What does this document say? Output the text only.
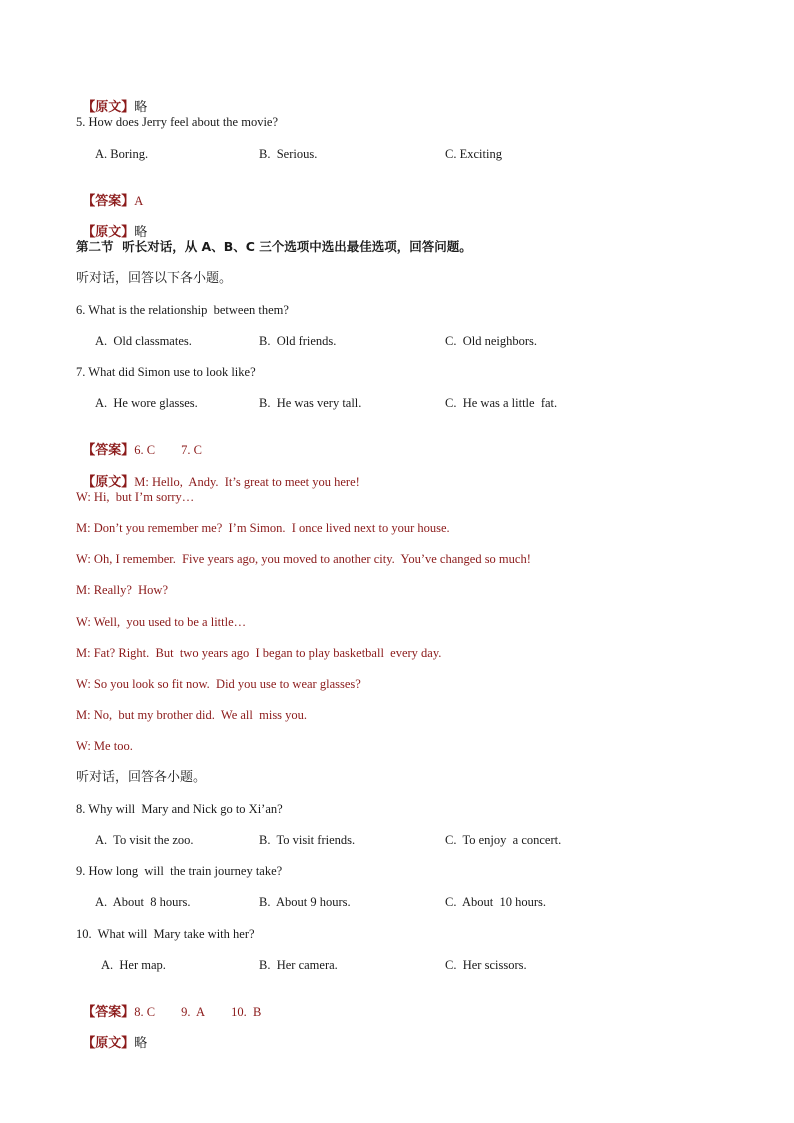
【原文】略

5. How does Jerry feel about the movie?
A. Boring.	B.  Serious.	C. Exciting

【答案】A

【原文】略

第二节  听长对话，从 A、B、C 三个选项中选出最佳选项，回答问题。
听对话，回答以下各小题。
6. What is the relationship  between them?
A.  Old classmates.	B.  Old friends.	C.  Old neighbors.
7. What did Simon use to look like?
A.  He wore glasses.	B.  He was very tall.	C.  He was a little  fat.

【答案】6. C 7. C

【原文】M: Hello,  Andy.  It’s great to meet you here!

W: Hi,  but I’m sorry…
M: Don’t you remember me?  I’m Simon.  I once lived next to your house.
W: Oh, I remember.  Five years ago, you moved to another city.  You’ve changed so much!
M: Really?  How?
W: Well,  you used to be a little…
M: Fat? Right.  But  two years ago  I began to play basketball  every day.
W: So you look so fit now.  Did you use to wear glasses?
M: No,  but my brother did.  We all  miss you.
W: Me too.
听对话，回答各小题。
8. Why will  Mary and Nick go to Xi’an?
A.  To visit the zoo.	B.  To visit friends.	C.  To enjoy  a concert.
9. How long  will  the train journey take?
A.  About  8 hours.	B.  About 9 hours.	C.  About  10 hours.
10.  What will  Mary take with her?
A.  Her map.	B.  Her camera.	C.  Her scissors.

【答案】8. C 9.  A 10.  B

【原文】略
